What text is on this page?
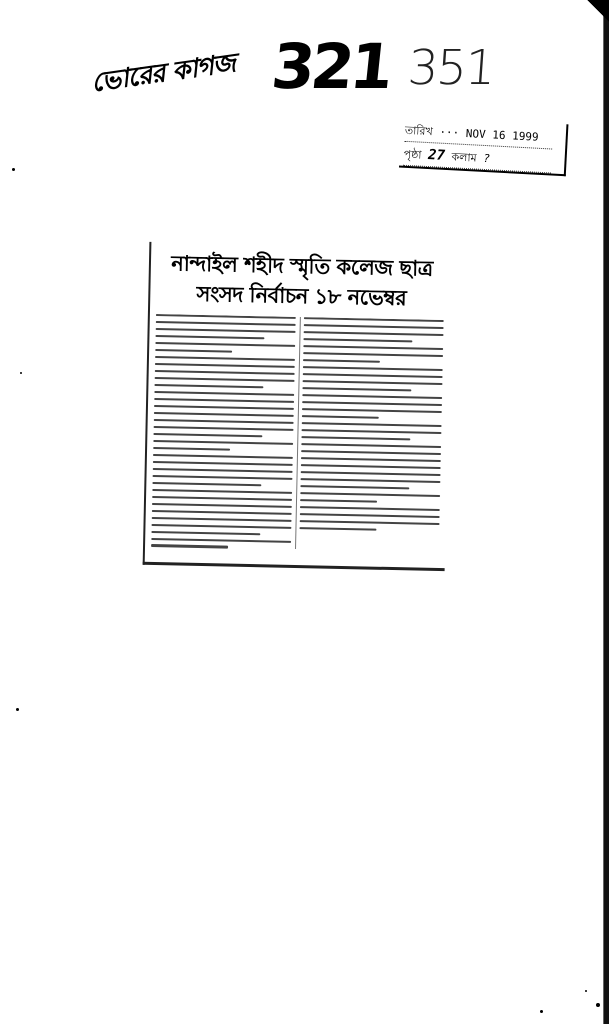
ভোরের কাগজ 321 351
তারিখ ··· NOV 16 1999
পৃষ্ঠা 27 কলাম ?
নান্দাইল শহীদ স্মৃতি কলেজ ছাত্র সংসদ নির্বাচন ১৮ নভেম্বর
